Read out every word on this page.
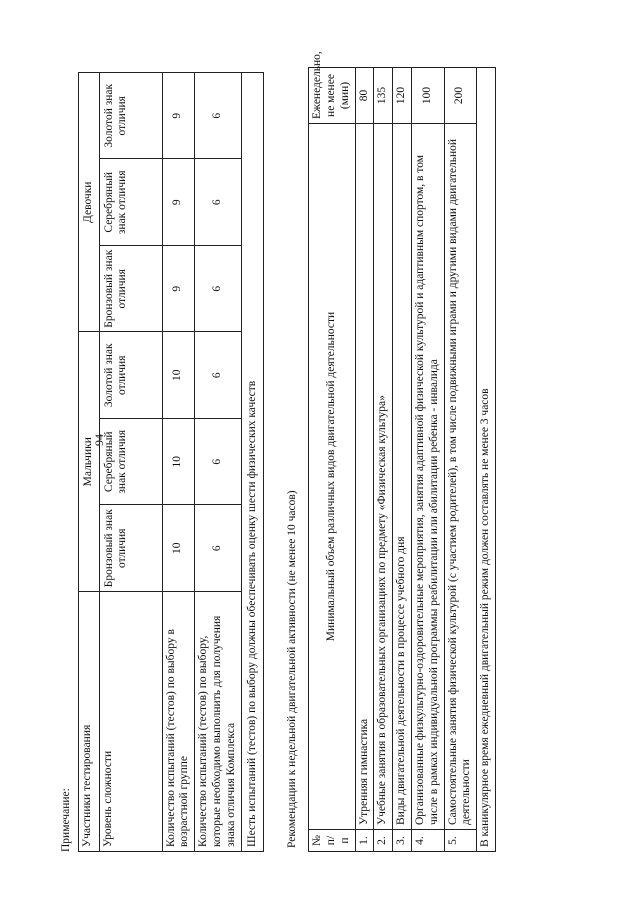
94
Примечание: Участники тестирования	Мальчики			Девочки		
Уровень сложности	Бронзовый знак отличия	Серебряный знак отличия	Золотой знак отличия	Бронзовый знак отличия	Серебряный знак отличия	Золотой знак отличия
Количество испытаний (тестов) по выбору в возрастной группе	10	10	10	9	9	9
Количество испытаний (тестов) по выбору, которые необходимо выполнить для получения знака отличия Комплекса	6	6	6	6	6	6
Шесть испытаний (тестов) по выбору должны обеспечивать оценку шести физических качеств							Рекомендации к недельной двигательной активности (не менее 10 часов) № п/п	Минимальный объем различных видов двигательной деятельности	Еженедельно, не менее (мин)
1.	Утренняя гимнастика	80
2.	Учебные занятия в образовательных организациях по предмету «Физическая культура»	135
3.	Виды двигательной деятельности в процессе учебного дня	120
4.	Организованные физкультурно-оздоровительные мероприятия, занятия адаптивной физической культурой и адаптивным спортом, в том числе в рамках индивидуальной программы реабилитации или абилитации ребенка - инвалида	100
5.	Самостоятельные занятия физической культурой (с участием родителей), в том числе подвижными играми и другими видами двигательной деятельности	200
В каникулярное время ежедневный двигательный режим должен составлять не менее 3 часов		
